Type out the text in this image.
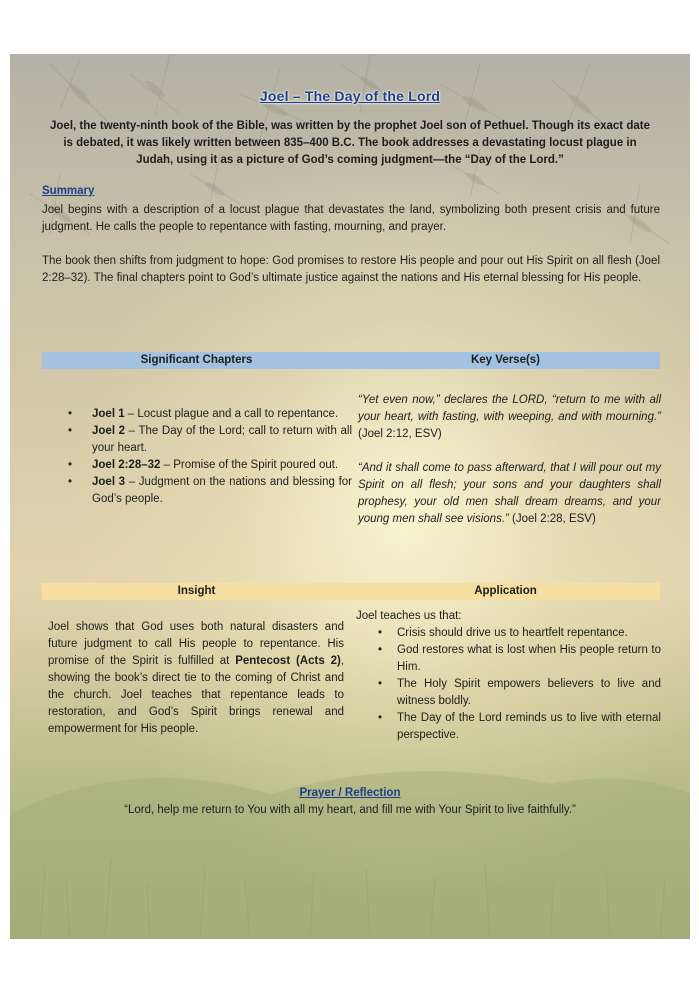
Joel – The Day of the Lord
Joel, the twenty-ninth book of the Bible, was written by the prophet Joel son of Pethuel. Though its exact date is debated, it was likely written between 835–400 B.C. The book addresses a devastating locust plague in Judah, using it as a picture of God’s coming judgment—the “Day of the Lord.”
Summary
Joel begins with a description of a locust plague that devastates the land, symbolizing both present crisis and future judgment. He calls the people to repentance with fasting, mourning, and prayer.
The book then shifts from judgment to hope: God promises to restore His people and pour out His Spirit on all flesh (Joel 2:28–32). The final chapters point to God’s ultimate justice against the nations and His eternal blessing for His people.
Significant Chapters	Key Verse(s)
• Joel 1 – Locust plague and a call to repentance.
• Joel 2 – The Day of the Lord; call to return with all your heart.
• Joel 2:28–32 – Promise of the Spirit poured out.
• Joel 3 – Judgment on the nations and blessing for God’s people.

“Yet even now,” declares the LORD, “return to me with all your heart, with fasting, with weeping, and with mourning.” (Joel 2:12, ESV)

“And it shall come to pass afterward, that I will pour out my Spirit on all flesh; your sons and your daughters shall prophesy, your old men shall dream dreams, and your young men shall see visions.” (Joel 2:28, ESV)

Insight	Application
Joel shows that God uses both natural disasters and future judgment to call His people to repentance. His promise of the Spirit is fulfilled at Pentecost (Acts 2), showing the book’s direct tie to the coming of Christ and the church. Joel teaches that repentance leads to restoration, and God’s Spirit brings renewal and empowerment for His people.
Joel teaches us that:
• Crisis should drive us to heartfelt repentance.
• God restores what is lost when His people return to Him.
• The Holy Spirit empowers believers to live and witness boldly.
• The Day of the Lord reminds us to live with eternal perspective.
Prayer / Reflection
“Lord, help me return to You with all my heart, and fill me with Your Spirit to live faithfully.”
